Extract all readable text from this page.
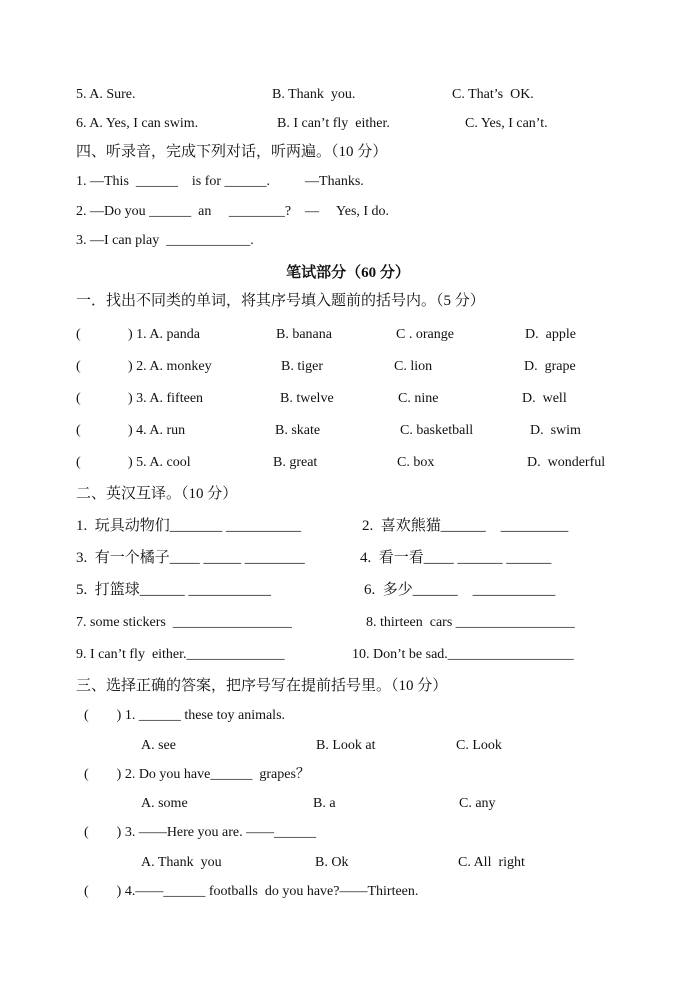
5. A. Sure.	B. Thank  you.	C. That’s  OK.
6. A. Yes, I can swim.	B. I can’t fly  either.	C. Yes, I can’t.
四、听录音，完成下列对话，听两遍。（10 分）
1. —This  ______    is for ______.          —Thanks.
2. —Do you ______  an     ________?    —     Yes, I do.
3. —I can play  ____________.
笔试部分（60 分）
一．找出不同类的单词，将其序号填入题前的括号内。（5 分）
(	) 1. A. panda	B. banana	C . orange	D.  apple
(	) 2. A. monkey	B. tiger	C. lion	D.  grape
(	) 3. A. fifteen	B. twelve	C. nine	D.  well
(	) 4. A. run	B. skate	C. basketball	D.  swim
(	) 5. A. cool	B. great	C. box	D.  wonderful
二、英汉互译。（10 分）
1.  玩具动物们_______ __________	2.  喜欢熊猫______    _________
3.  有一个橘子____ _____ ________	4.  看一看____ ______ ______
5.  打篮球______ ___________	6.  多少______    ___________
7. some stickers  _________________	8. thirteen  cars _________________
9. I can’t fly  either.______________	10. Don’t be sad.__________________
三、选择正确的答案，把序号写在提前括号里。（10 分）
(        ) 1. ______ these toy animals.
A. see	B. Look at	C. Look
(        ) 2. Do you have______  grapes？
A. some	B. a	C. any
(        ) 3. ——Here you are. ——______
A. Thank  you	B. Ok	C. All  right
(        ) 4.——______ footballs  do you have?——Thirteen.
